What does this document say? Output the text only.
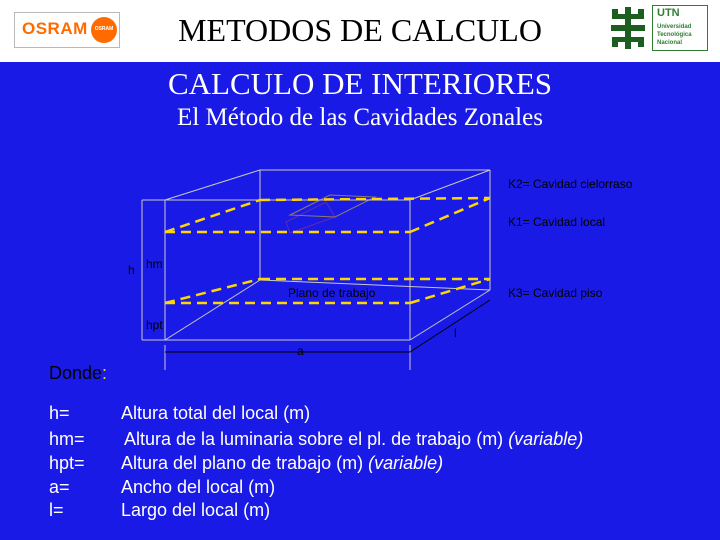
OSRAM	OSRAM	METODOS DE CALCULO	UTN
Universidad
Tecnológica
Nacional
CALCULO DE INTERIORES
El Método de las Cavidades Zonales
K2= Cavidad cielorraso
K1= Cavidad local
K3= Cavidad piso
Plano de trabajo
h hm
hpt
a
l
Donde:
h=	Altura total del local (m)
hm= Altura de la luminaria sobre el pl. de trabajo (m) (variable)
hpt= Altura del plano de trabajo (m) (variable)
a=	Ancho del local (m)
l=	Largo del local (m)
